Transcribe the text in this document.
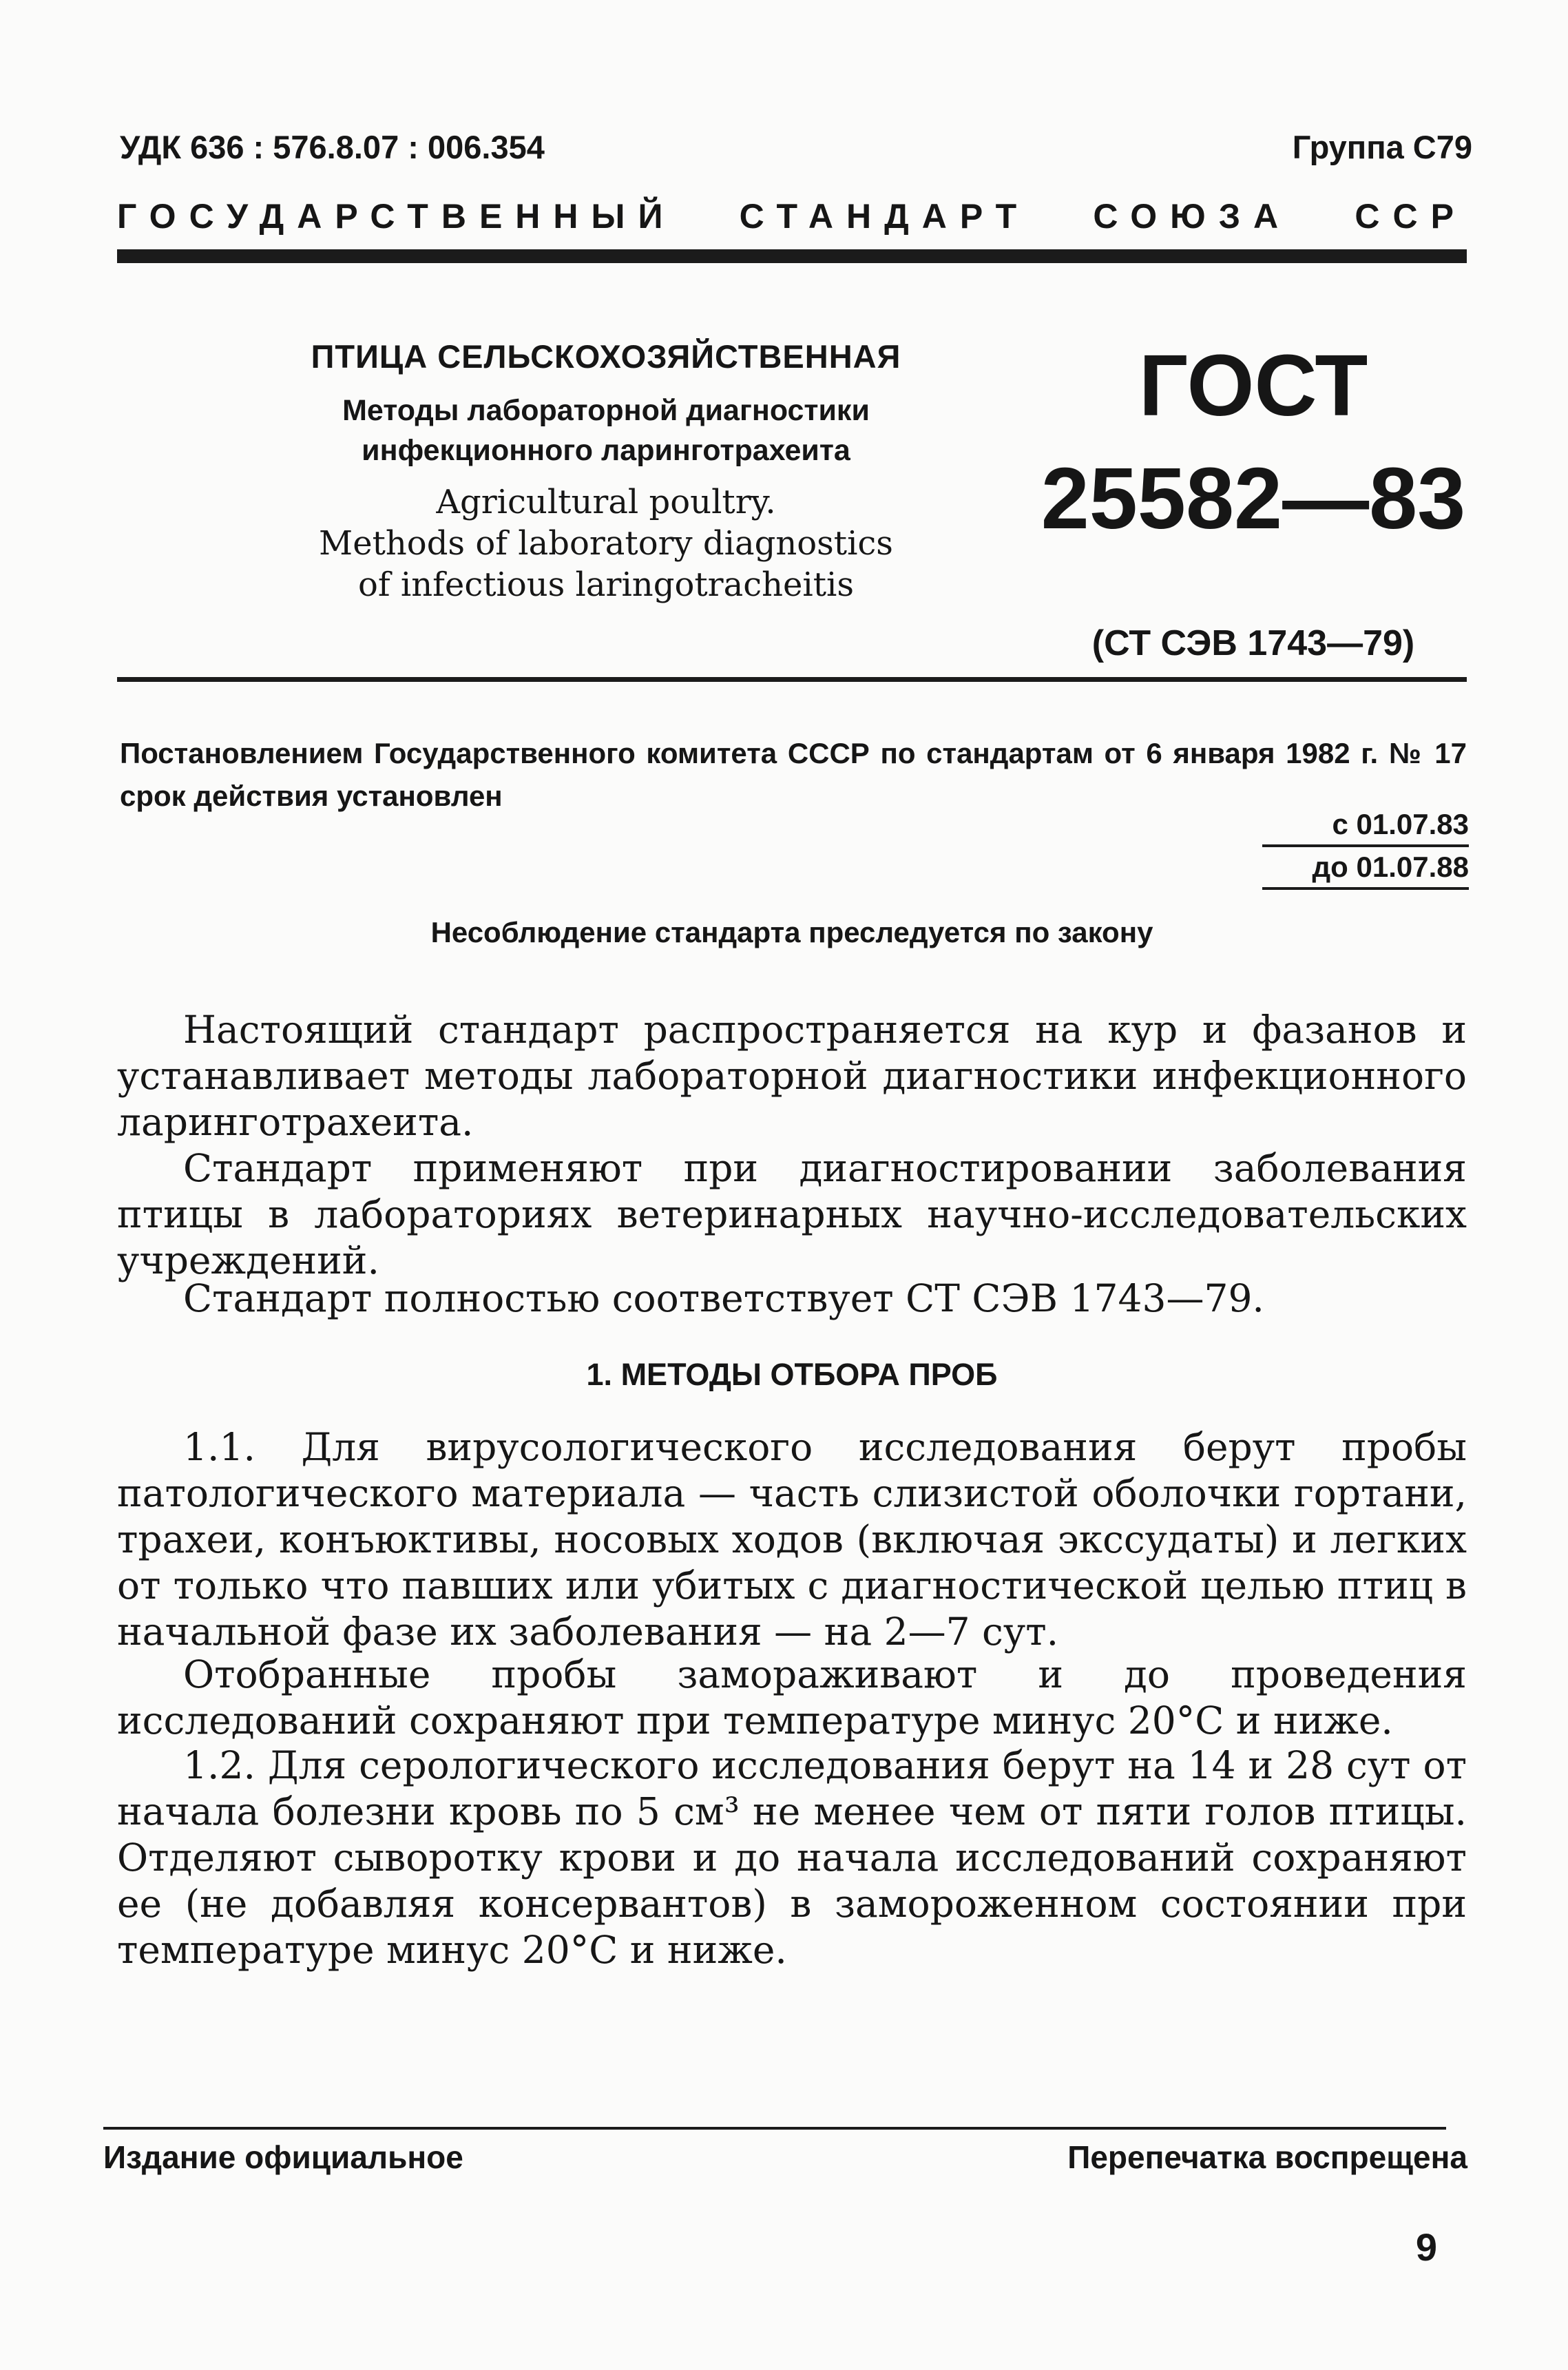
УДК 636 : 576.8.07 : 006.354	Группа С79
ГОСУДАРСТВЕННЫЙ СТАНДАРТ СОЮЗА ССР
ПТИЦА СЕЛЬСКОХОЗЯЙСТВЕННАЯ
Методы лабораторной диагностики
инфекционного ларинготрахеита
Agricultural poultry.
Methods of laboratory diagnostics
of infectious laringotracheitis
ГОСТ
25582—83
(СТ СЭВ 1743—79)
Постановлением Государственного комитета СССР по стандартам от 6 января 1982 г. № 17 срок действия установлен
с 01.07.83
до 01.07.88
Несоблюдение стандарта преследуется по закону

Настоящий стандарт распространяется на кур и фазанов и устанавливает методы лабораторной диагностики инфекционного ларинготрахеита.

Стандарт применяют при диагностировании заболевания птицы в лабораториях ветеринарных научно-исследовательских учреждений.

Стандарт полностью соответствует СТ СЭВ 1743—79.

1. МЕТОДЫ ОТБОРА ПРОБ

1.1. Для вирусологического исследования берут пробы патологического материала — часть слизистой оболочки гортани, трахеи, конъюктивы, носовых ходов (включая экссудаты) и легких от только что павших или убитых с диагностической целью птиц в начальной фазе их заболевания — на 2—7 сут.

Отобранные пробы замораживают и до проведения исследований сохраняют при температуре минус 20°С и ниже.

1.2. Для серологического исследования берут на 14 и 28 сут от начала болезни кровь по 5 см³ не менее чем от пяти голов птицы. Отделяют сыворотку крови и до начала исследований сохраняют ее (не добавляя консервантов) в замороженном состоянии при температуре минус 20°С и ниже.

Издание официальное	Перепечатка воспрещена
9
